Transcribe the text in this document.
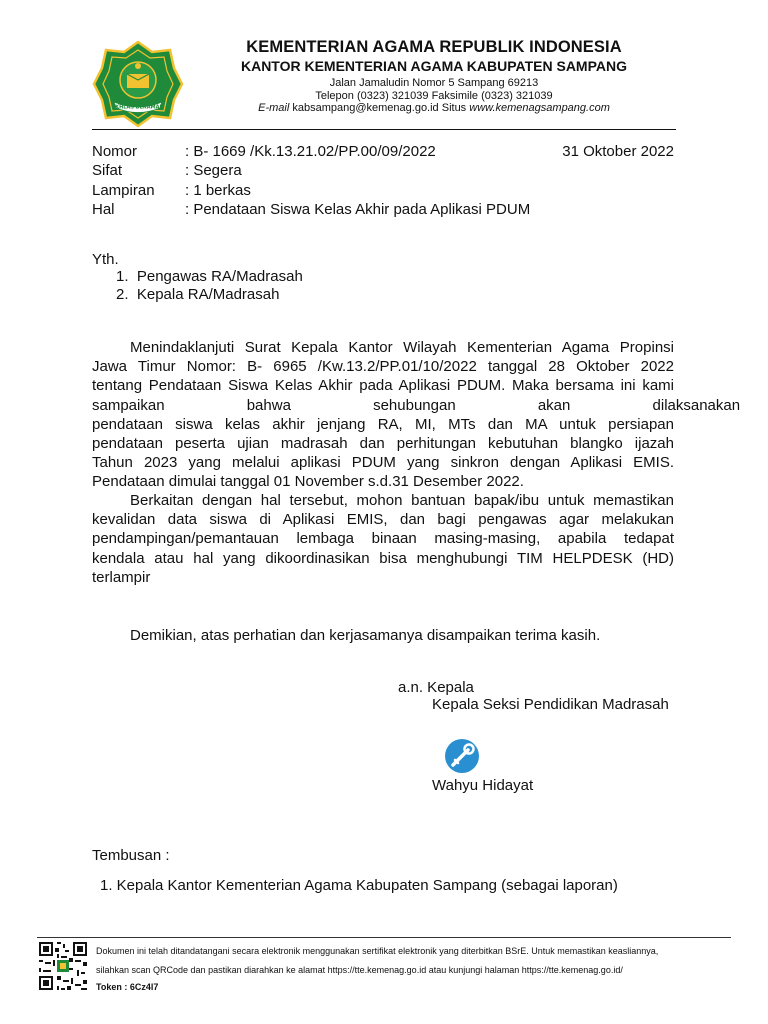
IKHLAS BERAMAL
KEMENTERIAN AGAMA REPUBLIK INDONESIA
KANTOR KEMENTERIAN AGAMA KABUPATEN SAMPANG
Jalan Jamaludin Nomor 5 Sampang 69213
Telepon (0323) 321039 Faksimile (0323) 321039
E-mail kabsampang@kemenag.go.id Situs www.kemenagsampang.com
Nomor	: B- 1669 /Kk.13.21.02/PP.00/09/2022	31 Oktober 2022
Sifat	: Segera
Lampiran : 1 berkas
Hal	: Pendataan Siswa Kelas Akhir pada Aplikasi PDUM
Yth.
1.  Pengawas RA/Madrasah
2.  Kepala RA/Madrasah
Menindaklanjuti Surat Kepala Kantor Wilayah Kementerian Agama Propinsi
Jawa Timur Nomor: B- 6965 /Kw.13.2/PP.01/10/2022 tanggal 28 Oktober 2022
tentang Pendataan Siswa Kelas Akhir pada Aplikasi PDUM. Maka bersama ini kami
sampaikan bahwa sehubungan akan dilaksanakan
pendataan siswa kelas akhir jenjang RA, MI, MTs dan MA untuk persiapan
pendataan peserta ujian madrasah dan perhitungan kebutuhan blangko ijazah
Tahun 2023 yang melalui aplikasi PDUM yang sinkron dengan Aplikasi EMIS.
Pendataan dimulai tanggal 01 November s.d.31 Desember 2022.
Berkaitan dengan hal tersebut, mohon bantuan bapak/ibu untuk memastikan
kevalidan data siswa di Aplikasi EMIS, dan bagi pengawas agar melakukan
pendampingan/pemantauan lembaga binaan masing-masing, apabila tedapat
kendala atau hal yang dikoordinasikan bisa menghubungi TIM HELPDESK (HD)
terlampir
Demikian, atas perhatian dan kerjasamanya disampaikan terima kasih.
a.n. Kepala
Kepala Seksi Pendidikan Madrasah
Wahyu Hidayat
Tembusan :
1. Kepala Kantor Kementerian Agama Kabupaten Sampang (sebagai laporan)
Dokumen ini telah ditandatangani secara elektronik menggunakan sertifikat elektronik yang diterbitkan BSrE. Untuk memastikan keasliannya,
silahkan scan QRCode dan pastikan diarahkan ke alamat https://tte.kemenag.go.id atau kunjungi halaman https://tte.kemenag.go.id/
Token : 6Cz4l7
